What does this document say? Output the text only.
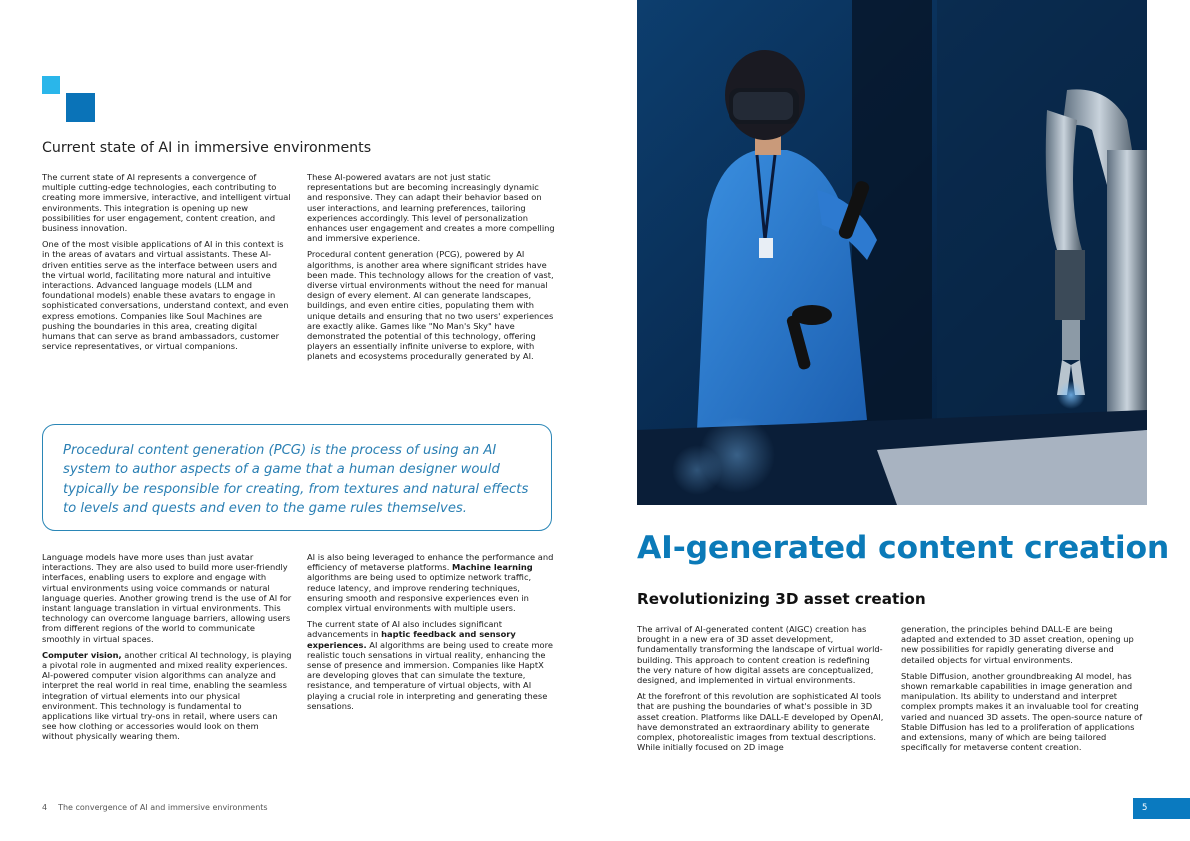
Current state of AI in immersive environments

The current state of AI represents a convergence of multiple cutting-edge technologies, each contributing to creating more immersive, interactive, and intelligent virtual environments. This integration is opening up new possibilities for user engagement, content creation, and business innovation.

One of the most visible applications of AI in this context is in the areas of avatars and virtual assistants. These AI-driven entities serve as the interface between users and the virtual world, facilitating more natural and intuitive interactions. Advanced language models (LLM and foundational models) enable these avatars to engage in sophisticated conversations, understand context, and even express emotions. Companies like Soul Machines are pushing the boundaries in this area, creating digital humans that can serve as brand ambassadors, customer service representatives, or virtual companions.

These AI-powered avatars are not just static representations but are becoming increasingly dynamic and responsive. They can adapt their behavior based on user interactions, and learning preferences, tailoring experiences accordingly. This level of personalization enhances user engagement and creates a more compelling and immersive experience.

Procedural content generation (PCG), powered by AI algorithms, is another area where significant strides have been made. This technology allows for the creation of vast, diverse virtual environments without the need for manual design of every element. AI can generate landscapes, buildings, and even entire cities, populating them with unique details and ensuring that no two users' experiences are exactly alike. Games like "No Man's Sky" have demonstrated the potential of this technology, offering players an essentially infinite universe to explore, with planets and ecosystems procedurally generated by AI.

Procedural content generation (PCG) is the process of using an AI system to author aspects of a game that a human designer would typically be responsible for creating, from textures and natural effects to levels and quests and even to the game rules themselves.

Language models have more uses than just avatar interactions. They are also used to build more user-friendly interfaces, enabling users to explore and engage with virtual environments using voice commands or natural language queries. Another growing trend is the use of AI for instant language translation in virtual environments. This technology can overcome language barriers, allowing users from different regions of the world to communicate smoothly in virtual spaces.

Computer vision, another critical AI technology, is playing a pivotal role in augmented and mixed reality experiences. AI-powered computer vision algorithms can analyze and interpret the real world in real time, enabling the seamless integration of virtual elements into our physical environment. This technology is fundamental to applications like virtual try-ons in retail, where users can see how clothing or accessories would look on them without physically wearing them.

AI is also being leveraged to enhance the performance and efficiency of metaverse platforms. Machine learning algorithms are being used to optimize network traffic, reduce latency, and improve rendering techniques, ensuring smooth and responsive experiences even in complex virtual environments with multiple users.

The current state of AI also includes significant advancements in haptic feedback and sensory experiences. AI algorithms are being used to create more realistic touch sensations in virtual reality, enhancing the sense of presence and immersion. Companies like HaptX are developing gloves that can simulate the texture, resistance, and temperature of virtual objects, with AI playing a crucial role in interpreting and generating these sensations.

4 The convergence of AI and immersive environments
AI-generated content creation
Revolutionizing 3D asset creation

The arrival of AI-generated content (AIGC) creation has brought in a new era of 3D asset development, fundamentally transforming the landscape of virtual world-building. This approach to content creation is redefining the very nature of how digital assets are conceptualized, designed, and implemented in virtual environments.

At the forefront of this revolution are sophisticated AI tools that are pushing the boundaries of what's possible in 3D asset creation. Platforms like DALL-E developed by OpenAI, have demonstrated an extraordinary ability to generate complex, photorealistic images from textual descriptions. While initially focused on 2D image

generation, the principles behind DALL-E are being adapted and extended to 3D asset creation, opening up new possibilities for rapidly generating diverse and detailed objects for virtual environments.

Stable Diffusion, another groundbreaking AI model, has shown remarkable capabilities in image generation and manipulation. Its ability to understand and interpret complex prompts makes it an invaluable tool for creating varied and nuanced 3D assets. The open-source nature of Stable Diffusion has led to a proliferation of applications and extensions, many of which are being tailored specifically for metaverse content creation.

5
